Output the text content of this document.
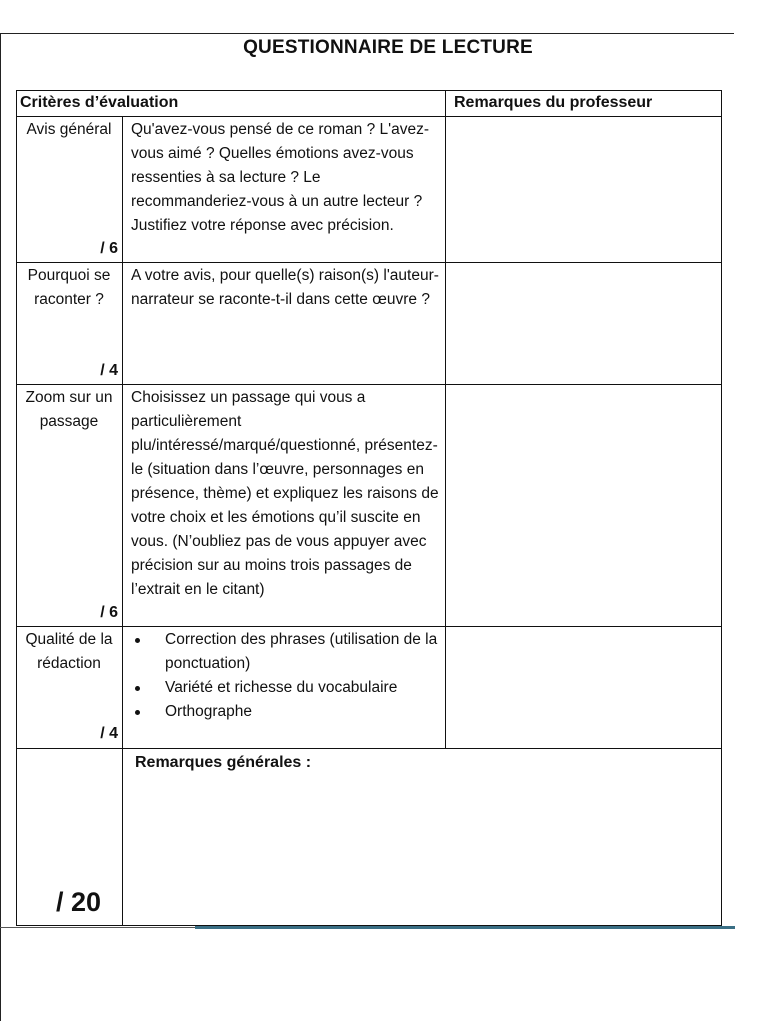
QUESTIONNAIRE DE LECTURE
Critères d’évaluation	Remarques du professeur
Avis général
/ 6
Qu'avez-vous pensé de ce roman ? L'avez-vous aimé ? Quelles émotions avez-vous ressenties à sa lecture ? Le recommanderiez-vous à un autre lecteur ? Justifiez votre réponse avec précision.
Pourquoi se raconter ?
/ 4
A votre avis, pour quelle(s) raison(s) l'auteur-narrateur se raconte-t-il dans cette œuvre ?
Zoom sur un passage
/ 6
Choisissez un passage qui vous a particulièrement plu/intéressé/marqué/questionné, présentez-le (situation dans l’œuvre, personnages en présence, thème) et expliquez les raisons de votre choix et les émotions qu’il suscite en vous. (N’oubliez pas de vous appuyer avec précision sur au moins trois passages de l’extrait en le citant)
Qualité de la rédaction
/ 4
Correction des phrases (utilisation de la ponctuation)
Variété et richesse du vocabulaire
Orthographe
Remarques générales :
/ 20
